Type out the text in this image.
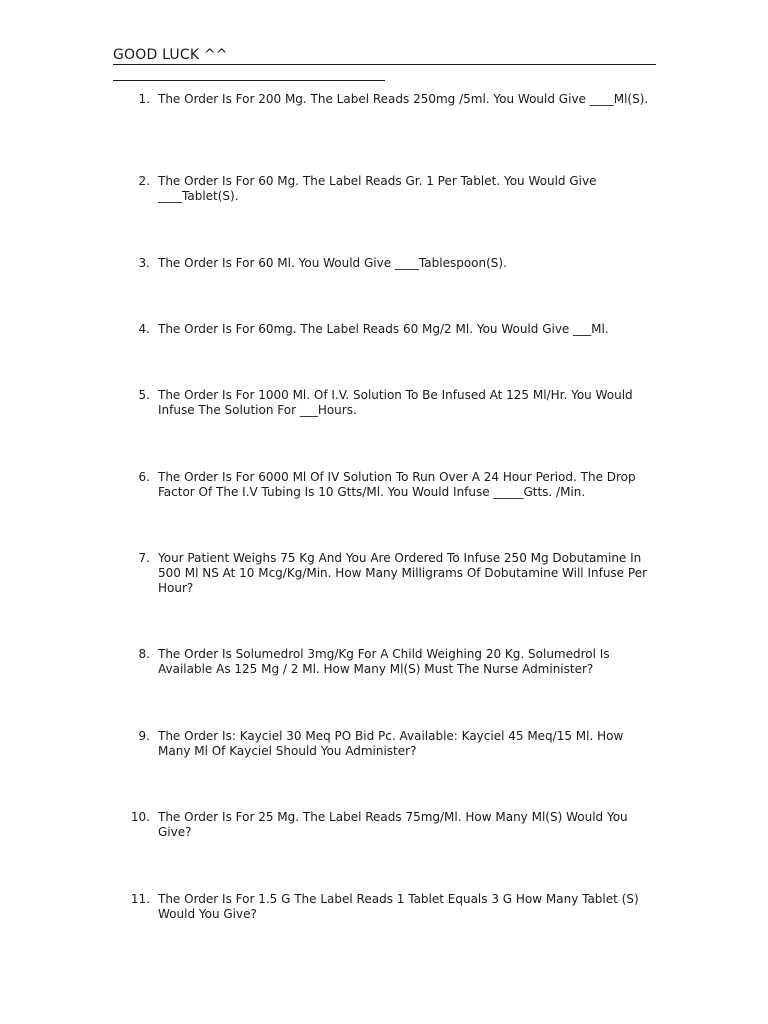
GOOD LUCK ^^
1. The Order Is For 200 Mg. The Label Reads 250mg /5ml. You Would Give ____Ml(S).
2. The Order Is For 60 Mg. The Label Reads Gr. 1 Per Tablet. You Would Give ____Tablet(S).
3. The Order Is For 60 Ml. You Would Give ____Tablespoon(S).
4. The Order Is For 60mg. The Label Reads 60 Mg/2 Ml. You Would Give ___Ml.
5. The Order Is For 1000 Ml. Of I.V. Solution To Be Infused At 125 Ml/Hr. You Would Infuse The Solution For ___Hours.
6. The Order Is For 6000 Ml Of IV Solution To Run Over A 24 Hour Period. The Drop Factor Of The I.V Tubing Is 10 Gtts/Ml. You Would Infuse _____Gtts. /Min.
7. Your Patient Weighs 75 Kg And You Are Ordered To Infuse 250 Mg Dobutamine In 500 Ml NS At 10 Mcg/Kg/Min. How Many Milligrams Of Dobutamine Will Infuse Per Hour?
8. The Order Is Solumedrol 3mg/Kg For A Child Weighing 20 Kg. Solumedrol Is Available As 125 Mg / 2 Ml. How Many Ml(S) Must The Nurse Administer?
9. The Order Is: Kayciel 30 Meq PO Bid Pc. Available: Kayciel 45 Meq/15 Ml. How Many Ml Of Kayciel Should You Administer?
10. The Order Is For 25 Mg. The Label Reads 75mg/Ml. How Many Ml(S) Would You Give?
11. The Order Is For 1.5 G The Label Reads 1 Tablet Equals 3 G How Many Tablet (S) Would You Give?
